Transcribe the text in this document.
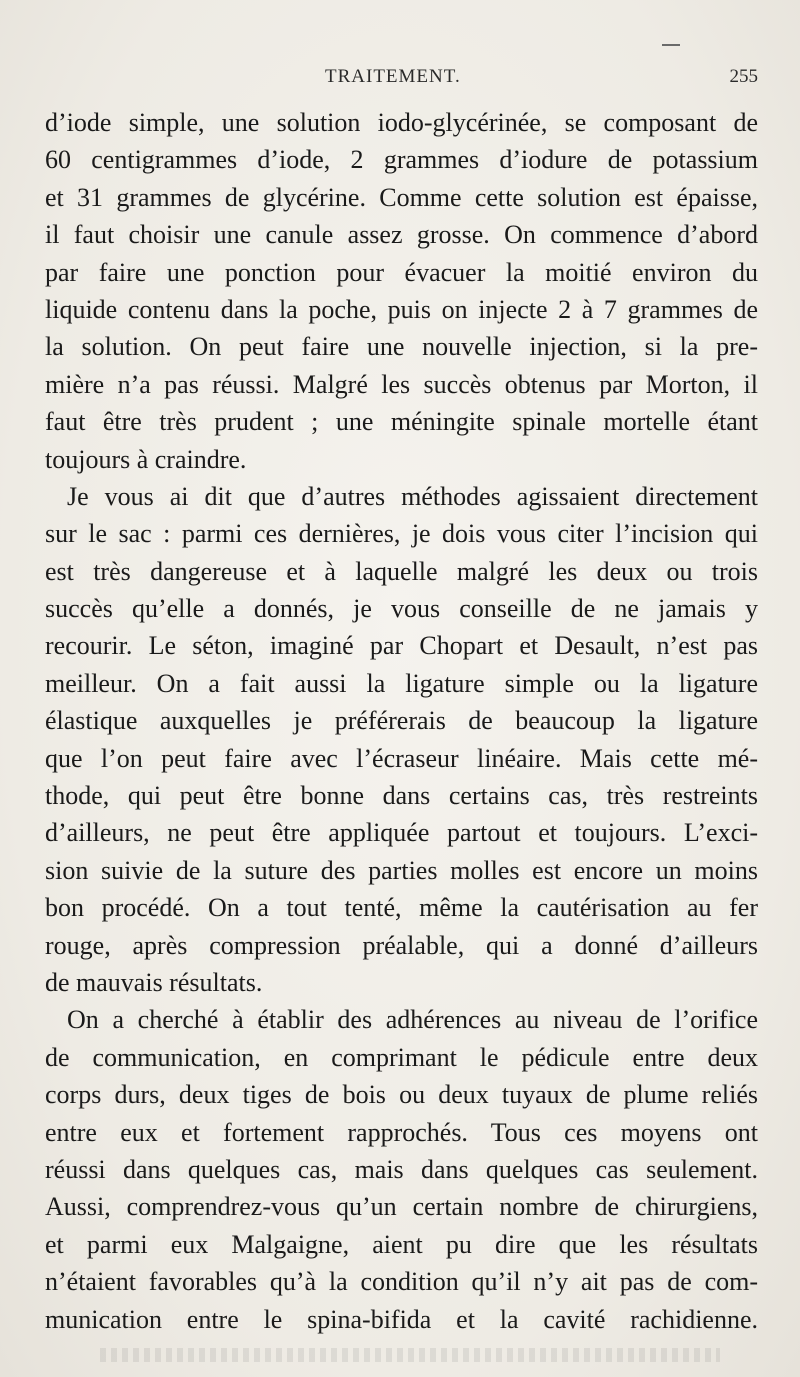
TRAITEMENT.	255
d’iode simple, une solution iodo-glycérinée, se composant de
60 centigrammes d’iode, 2 grammes d’iodure de potassium
et 31 grammes de glycérine. Comme cette solution est épaisse,
il faut choisir une canule assez grosse. On commence d’abord
par faire une ponction pour évacuer la moitié environ du
liquide contenu dans la poche, puis on injecte 2 à 7 grammes de
la solution. On peut faire une nouvelle injection, si la pre-
mière n’a pas réussi. Malgré les succès obtenus par Morton, il
faut être très prudent ; une méningite spinale mortelle étant
toujours à craindre.
Je vous ai dit que d’autres méthodes agissaient directement
sur le sac : parmi ces dernières, je dois vous citer l’incision qui
est très dangereuse et à laquelle malgré les deux ou trois
succès qu’elle a donnés, je vous conseille de ne jamais y
recourir. Le séton, imaginé par Chopart et Desault, n’est pas
meilleur. On a fait aussi la ligature simple ou la ligature
élastique auxquelles je préférerais de beaucoup la ligature
que l’on peut faire avec l’écraseur linéaire. Mais cette mé-
thode, qui peut être bonne dans certains cas, très restreints
d’ailleurs, ne peut être appliquée partout et toujours. L’exci-
sion suivie de la suture des parties molles est encore un moins
bon procédé. On a tout tenté, même la cautérisation au fer
rouge, après compression préalable, qui a donné d’ailleurs
de mauvais résultats.
On a cherché à établir des adhérences au niveau de l’orifice
de communication, en comprimant le pédicule entre deux
corps durs, deux tiges de bois ou deux tuyaux de plume reliés
entre eux et fortement rapprochés. Tous ces moyens ont
réussi dans quelques cas, mais dans quelques cas seulement.
Aussi, comprendrez-vous qu’un certain nombre de chirurgiens,
et parmi eux Malgaigne, aient pu dire que les résultats
n’étaient favorables qu’à la condition qu’il n’y ait pas de com-
munication entre le spina-bifida et la cavité rachidienne.
